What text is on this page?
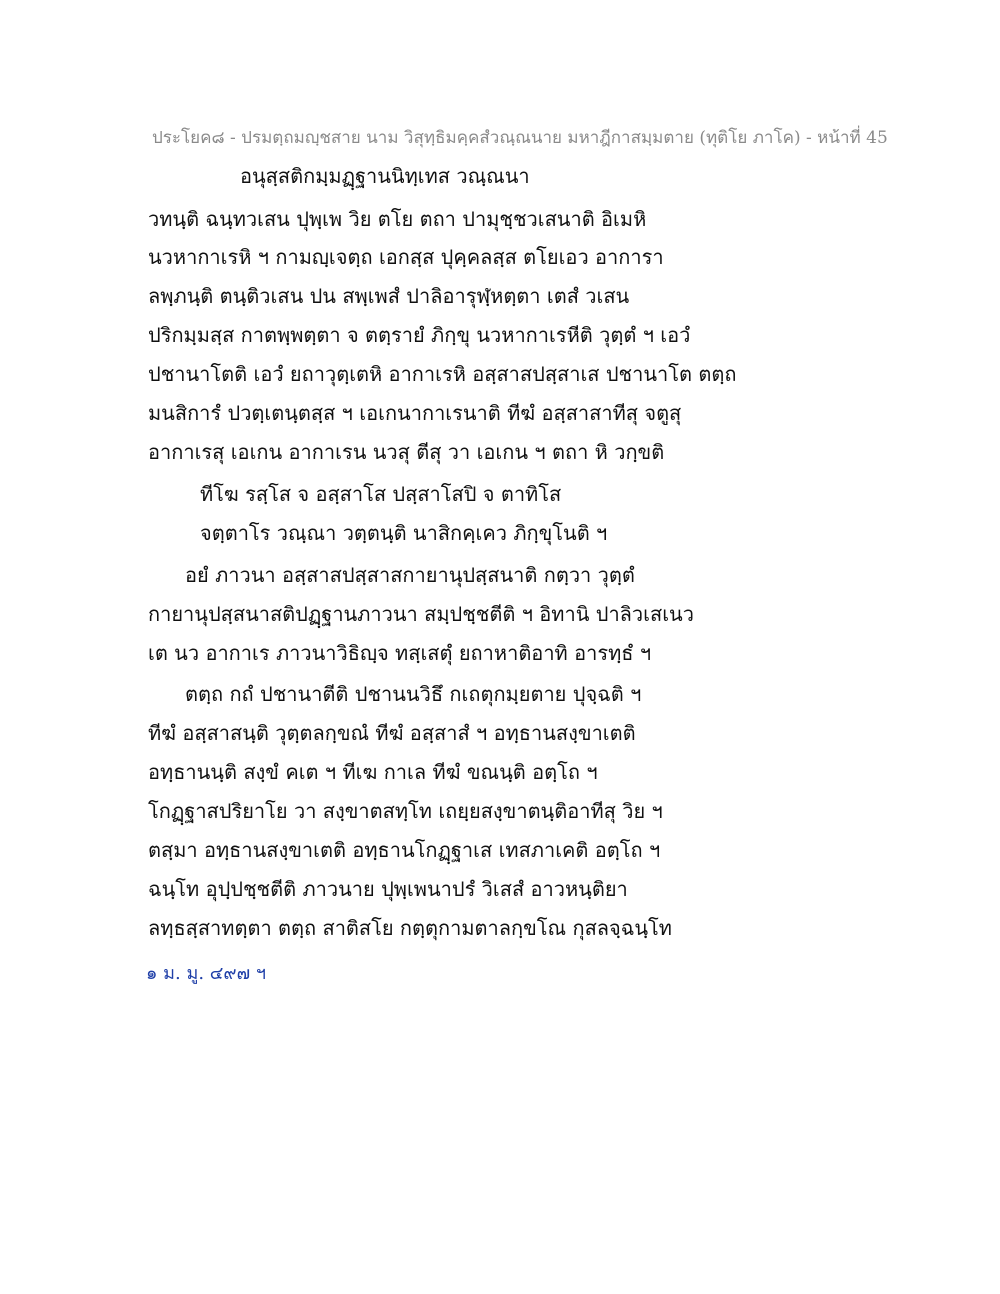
ประโยค๘ - ปรมตฺถมญฺชสาย นาม วิสุทฺธิมคฺคสํวณฺณนาย มหาฎีกาสมฺมตาย (ทุติโย ภาโค) - หน้าที่ 45
อนุสฺสติกมฺมฏฺฐานนิทฺเทส วณฺณนา
วทนฺติ ฉนฺทวเสน ปุพฺเพ วิย ตโย ตถา ปามุชฺชวเสนาติ อิเมหิ
นวหากาเรหิ ฯ กามญฺเจตฺถ เอกสฺส ปุคฺคลสฺส ตโยเอว อาการา
ลพฺภนฺติ ตนฺติวเสน ปน สพฺเพสํ ปาลิอารุฬฺหตฺตา เตสํ วเสน
ปริกมฺมสฺส กาตพฺพตฺตา จ ตตฺรายํ ภิกฺขุ นวหากาเรหีติ วุตฺตํ ฯ เอวํ
ปชานาโตติ เอวํ ยถาวุตฺเตหิ อากาเรหิ อสฺสาสปสฺสาเส ปชานาโต ตตฺถ
มนสิการํ ปวตฺเตนฺตสฺส ฯ เอเกนากาเรนาติ ทีฆํ อสฺสาสาทีสุ จตูสุ
อากาเรสุ เอเกน อากาเรน นวสุ ตีสุ วา เอเกน ฯ ตถา หิ วกฺขติ
ทีโฆ รสฺโส จ อสฺสาโส ปสฺสาโสปิ จ ตาทิโส
จตฺตาโร วณฺณา วตฺตนฺติ นาสิกคฺเคว ภิกฺขุโนติ ฯ
อยํ ภาวนา อสฺสาสปสฺสาสกายานุปสฺสนาติ กตฺวา วุตฺตํ
กายานุปสฺสนาสติปฏฺฐานภาวนา สมฺปชฺชตีติ ฯ อิทานิ ปาลิวเสเนว
เต นว อากาเร ภาวนาวิธิญฺจ ทสฺเสตุํ ยถาหาติอาทิ อารทฺธํ ฯ
ตตฺถ กถํ ปชานาตีติ ปชานนวิธึ กเถตุกมฺยตาย ปุจฺฉติ ฯ
ทีฆํ อสฺสาสนฺติ วุตฺตลกฺขณํ ทีฆํ อสฺสาสํ ฯ อทฺธานสงฺขาเตติ
อทฺธานนฺติ สงฺขํ คเต ฯ ทีเฆ กาเล ทีฆํ ขณนฺติ อตฺโถ ฯ
โกฏฺฐาสปริยาโย วา สงฺขาตสทฺโท เถยฺยสงฺขาตนฺติอาทีสุ วิย ฯ
ตสฺมา อทฺธานสงฺขาเตติ อทฺธานโกฏฺฐาเส เทสภาเคติ อตฺโถ ฯ
ฉนฺโท อุปฺปชฺชตีติ ภาวนาย ปุพฺเพนาปรํ วิเสสํ อาวหนฺติยา
ลทฺธสฺสาทตฺตา ตตฺถ สาติสโย กตฺตุกามตาลกฺขโณ กุสลจฺฉนฺโท
๑ ม. มู. ๔๙๗ ฯ
